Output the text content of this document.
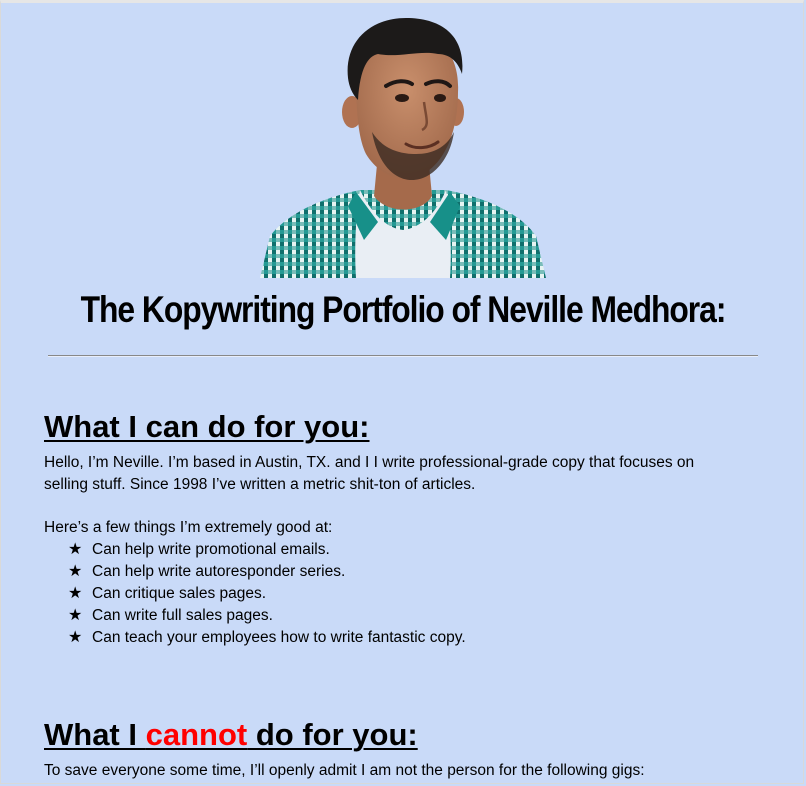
The Kopywriting Portfolio of Neville Medhora:
What I can do for you:

Hello, I’m Neville. I’m based in Austin, TX. and I I write professional-grade copy that focuses on
selling stuff. Since 1998 I’ve written a metric shit-ton of articles.

Here’s a few things I’m extremely good at:

★ Can help write promotional emails.
★ Can help write autoresponder series.
★ Can critique sales pages.
★ Can write full sales pages.
★ Can teach your employees how to write fantastic copy.
What I cannot do for you:

To save everyone some time, I’ll openly admit I am not the person for the following gigs:
